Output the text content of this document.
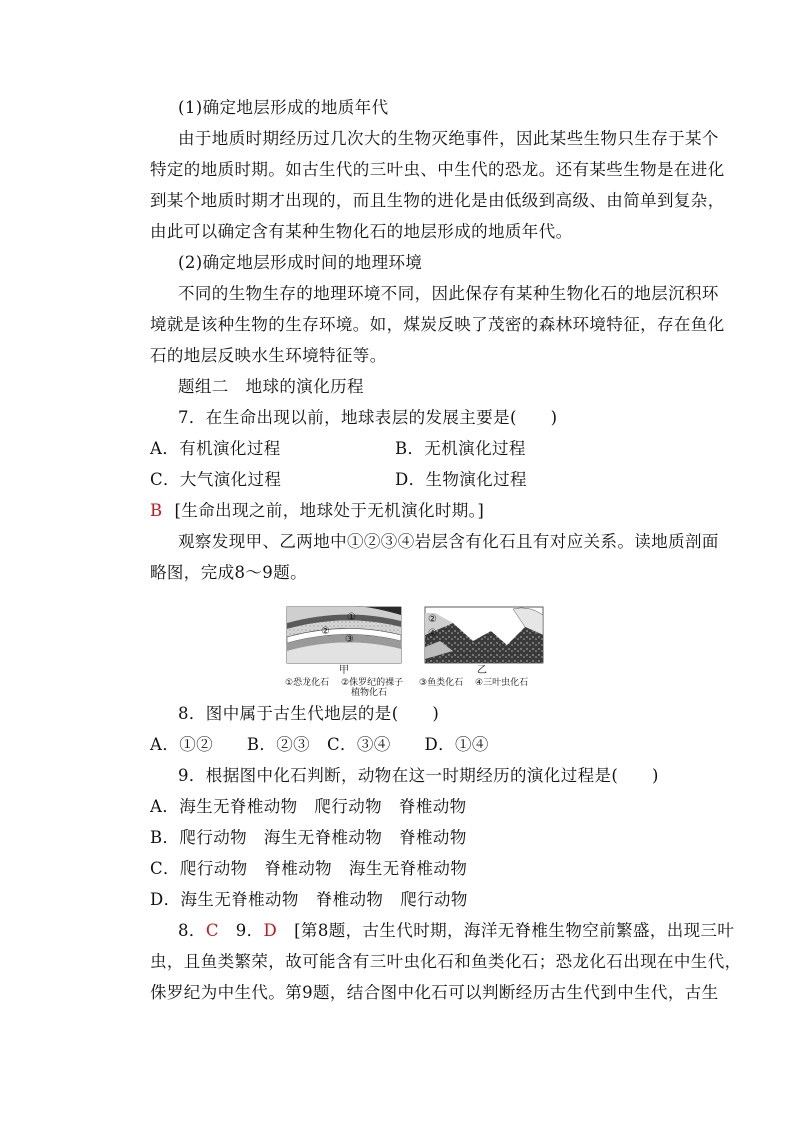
(1)确定地层形成的地质年代
由于地质时期经历过几次大的生物灭绝事件，因此某些生物只生存于某个
特定的地质时期。如古生代的三叶虫、中生代的恐龙。还有某些生物是在进化
到某个地质时期才出现的，而且生物的进化是由低级到高级、由简单到复杂，
由此可以确定含有某种生物化石的地层形成的地质年代。
(2)确定地层形成时间的地理环境
不同的生物生存的地理环境不同，因此保存有某种生物化石的地层沉积环
境就是该种生物的生存环境。如，煤炭反映了茂密的森林环境特征，存在鱼化
石的地层反映水生环境特征等。
题组二　地球的演化历程
7．在生命出现以前，地球表层的发展主要是(　　)
A．有机演化过程	B．无机演化过程
C．大气演化过程	D．生物演化过程
B [生命出现之前，地球处于无机演化时期。]
观察发现甲、乙两地中①②③④岩层含有化石且有对应关系。读地质剖面
略图，完成8～9题。
①
②
③
②
④
甲	乙
①恐龙化石 ②侏罗纪的裸子
植物化石
③鱼类化石 ④三叶虫化石
8．图中属于古生代地层的是(　　)
A．①②　　B．②③　C．③④　　D．①④
9．根据图中化石判断，动物在这一时期经历的演化过程是(　　)
A．海生无脊椎动物　爬行动物　脊椎动物
B．爬行动物　海生无脊椎动物　脊椎动物
C．爬行动物　脊椎动物　海生无脊椎动物
D．海生无脊椎动物　脊椎动物　爬行动物
8．C　9．D　[第8题，古生代时期，海洋无脊椎生物空前繁盛，出现三叶
虫，且鱼类繁荣，故可能含有三叶虫化石和鱼类化石；恐龙化石出现在中生代，
侏罗纪为中生代。第9题，结合图中化石可以判断经历古生代到中生代，古生
